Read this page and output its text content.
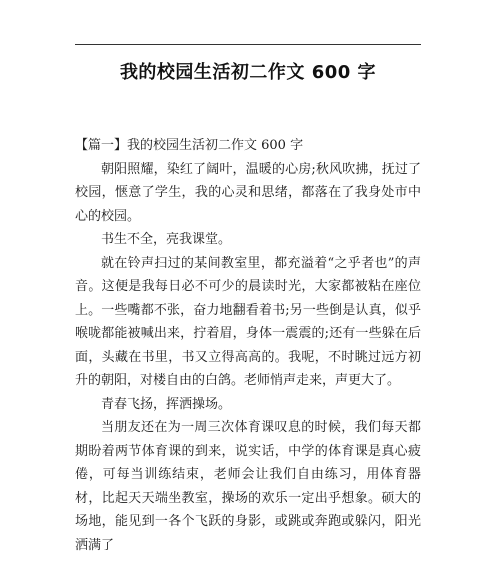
我的校园生活初二作文 600 字

【篇一】我的校园生活初二作文 600 字

朝阳照耀，染红了阔叶，温暖的心房;秋风吹拂，抚过了校园，惬意了学生，我的心灵和思绪，都落在了我身处市中心的校园。

书生不全，亮我课堂。

就在铃声扫过的某间教室里，都充溢着“之乎者也”的声音。这便是我每日必不可少的晨读时光，大家都被粘在座位上。一些嘴都不张，奋力地翻看着书;另一些倒是认真，似乎喉咙都能被喊出来，拧着眉，身体一震震的;还有一些躲在后面，头藏在书里，书又立得高高的。我呢，不时眺过远方初升的朝阳，对楼自由的白鸽。老师悄声走来，声更大了。

青春飞扬，挥洒操场。

当朋友还在为一周三次体育课叹息的时候，我们每天都期盼着两节体育课的到来，说实话，中学的体育课是真心疲倦，可每当训练结束，老师会让我们自由练习，用体育器材，比起天天端坐教室，操场的欢乐一定出乎想象。硕大的场地，能见到一各个飞跃的身影，或跳或奔跑或躲闪，阳光洒满了
